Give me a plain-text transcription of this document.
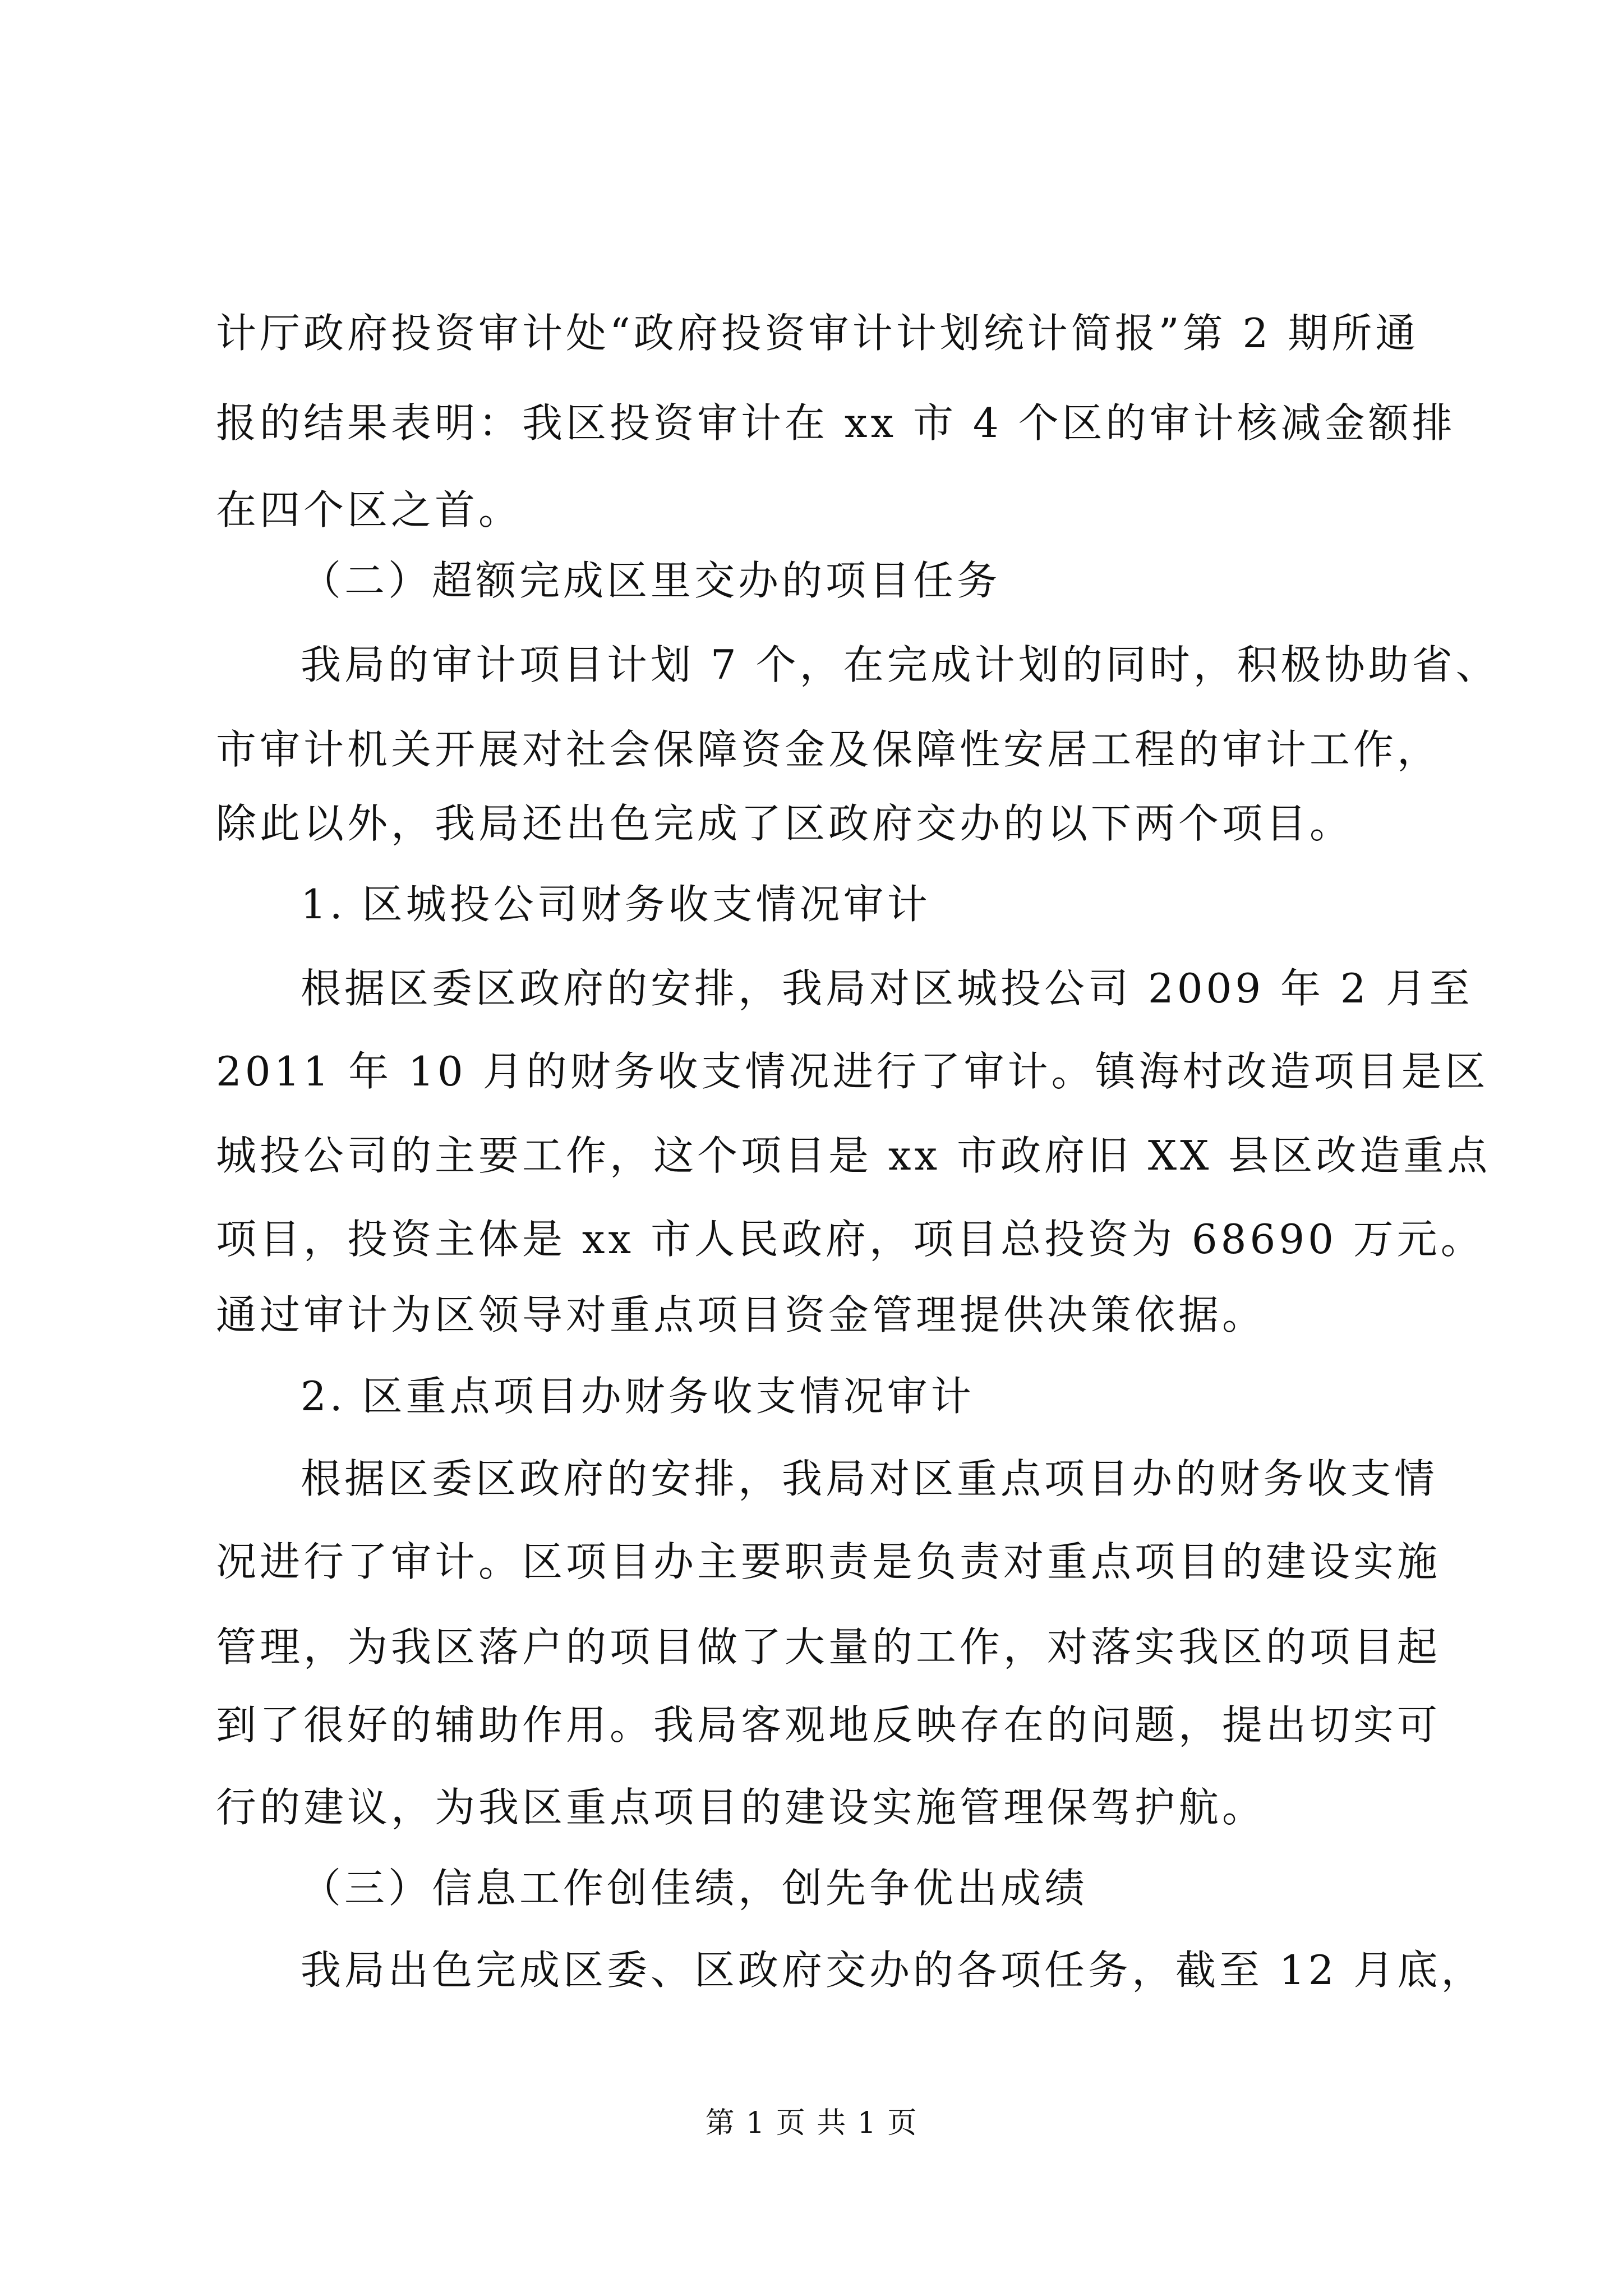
计厅政府投资审计处“政府投资审计计划统计简报”第 2 期所通
报的结果表明：我区投资审计在 xx 市 4 个区的审计核减金额排
在四个区之首。
（二）超额完成区里交办的项目任务
我局的审计项目计划 7 个，在完成计划的同时，积极协助省、
市审计机关开展对社会保障资金及保障性安居工程的审计工作，
除此以外，我局还出色完成了区政府交办的以下两个项目。
1. 区城投公司财务收支情况审计
根据区委区政府的安排，我局对区城投公司 2009 年 2 月至
2011 年 10 月的财务收支情况进行了审计。镇海村改造项目是区
城投公司的主要工作，这个项目是 xx 市政府旧 XX 县区改造重点
项目，投资主体是 xx 市人民政府，项目总投资为 68690 万元。
通过审计为区领导对重点项目资金管理提供决策依据。
2. 区重点项目办财务收支情况审计
根据区委区政府的安排，我局对区重点项目办的财务收支情
况进行了审计。区项目办主要职责是负责对重点项目的建设实施
管理，为我区落户的项目做了大量的工作，对落实我区的项目起
到了很好的辅助作用。我局客观地反映存在的问题，提出切实可
行的建议，为我区重点项目的建设实施管理保驾护航。
（三）信息工作创佳绩，创先争优出成绩
我局出色完成区委、区政府交办的各项任务，截至 12 月底，
第 1 页 共 1 页
